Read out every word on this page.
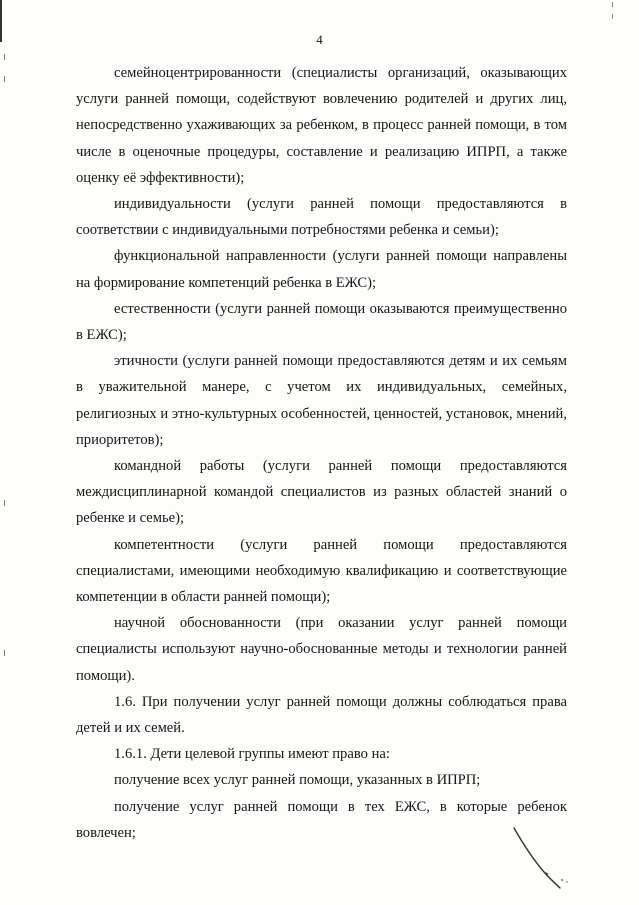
4

семейноцентрированности (специалисты организаций, оказывающих услуги ранней помощи, содействуют вовлечению родителей и других лиц, непосредственно ухаживающих за ребенком, в процесс ранней помощи, в том числе в оценочные процедуры, составление и реализацию ИПРП, а также оценку её эффективности);

индивидуальности (услуги ранней помощи предоставляются в соответствии с индивидуальными потребностями ребенка и семьи);

функциональной направленности (услуги ранней помощи направлены на формирование компетенций ребенка в ЕЖС);

естественности (услуги ранней помощи оказываются преимущественно в ЕЖС);

этичности (услуги ранней помощи предоставляются детям и их семьям в уважительной манере, с учетом их индивидуальных, семейных, религиозных и этно-культурных особенностей, ценностей, установок, мнений, приоритетов);

командной работы (услуги ранней помощи предоставляются междисциплинарной командой специалистов из разных областей знаний о ребенке и семье);

компетентности (услуги ранней помощи предоставляются специалистами, имеющими необходимую квалификацию и соответствующие компетенции в области ранней помощи);

научной обоснованности (при оказании услуг ранней помощи специалисты используют научно-обоснованные методы и технологии ранней помощи).

1.6. При получении услуг ранней помощи должны соблюдаться права детей и их семей.

1.6.1. Дети целевой группы имеют право на:

получение всех услуг ранней помощи, указанных в ИПРП;

получение услуг ранней помощи в тех ЕЖС, в которые ребенок вовлечен;
